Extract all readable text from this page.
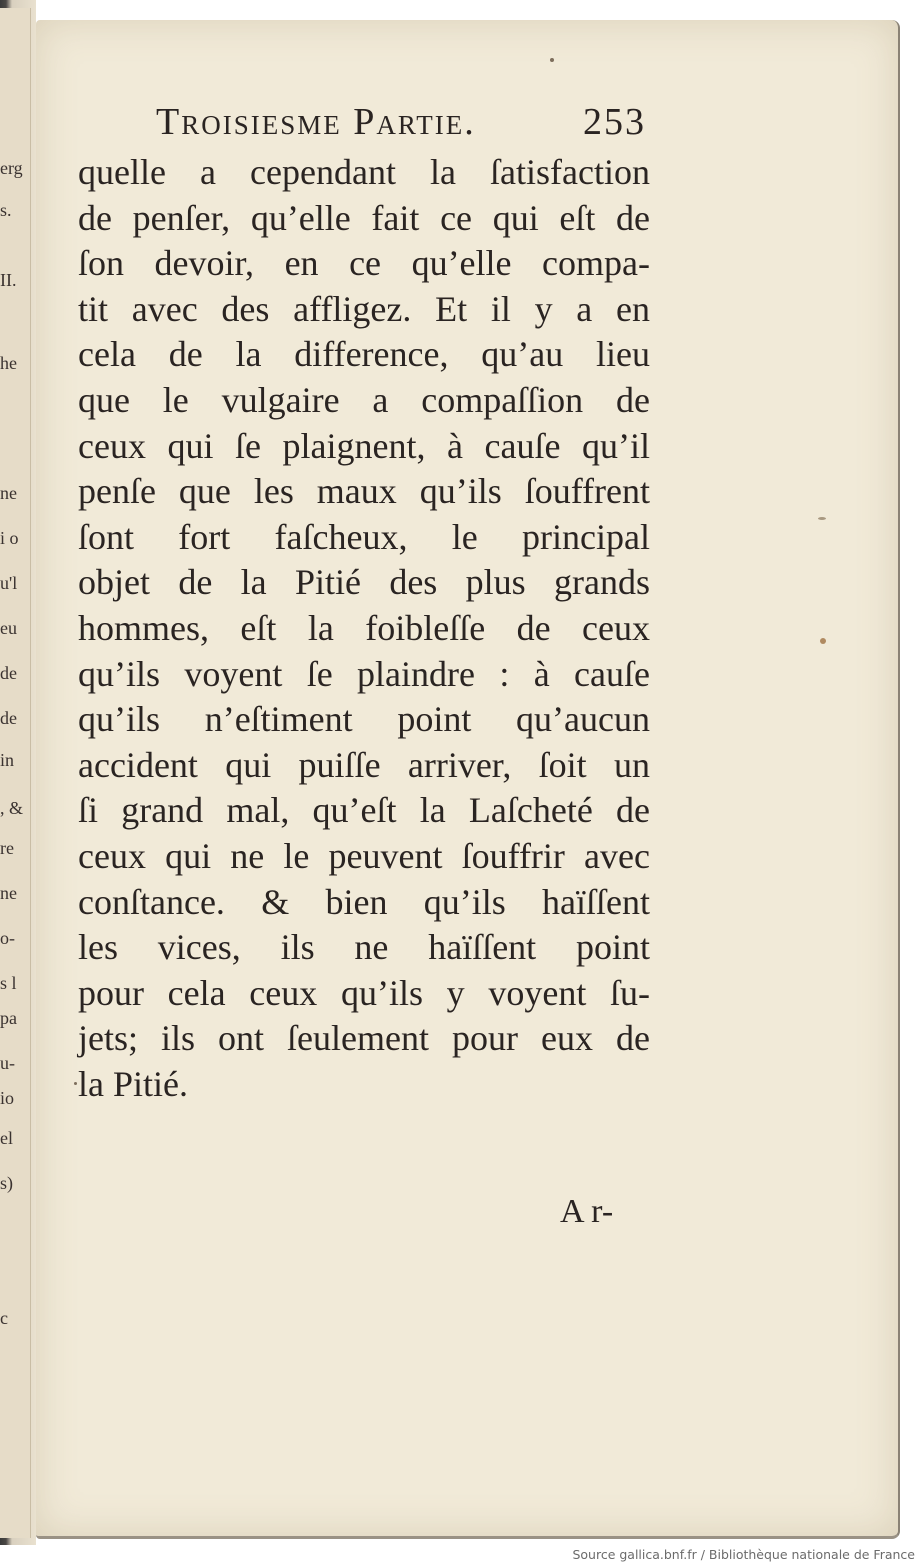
erg
s.
II.
he
ne
i o
u'l
eu
de
de
in
, &
re
ne
o-
s l
pa
u-
io
el
s)
c
Troisiesme Partie.	253
quelle a cependant la ſatisfaction
de penſer, qu’elle fait ce qui eſt de
ſon devoir, en ce qu’elle compa-
tit avec des affligez. Et il y a en
cela de la difference, qu’au lieu
que le vulgaire a compaſſion de
ceux qui ſe plaignent, à cauſe qu’il
penſe que les maux qu’ils ſouffrent
ſont fort faſcheux, le principal
objet de la Pitié des plus grands
hommes, eſt la foibleſſe de ceux
qu’ils voyent ſe plaindre : à cauſe
qu’ils n’eſtiment point qu’aucun
accident qui puiſſe arriver, ſoit un
ſi grand mal, qu’eſt la Laſcheté de
ceux qui ne le peuvent ſouffrir avec
conſtance. & bien qu’ils haïſſent
les vices, ils ne haïſſent point
pour cela ceux qu’ils y voyent ſu-
jets; ils ont ſeulement pour eux de
la Pitié.
A r-
Source gallica.bnf.fr / Bibliothèque nationale de France
